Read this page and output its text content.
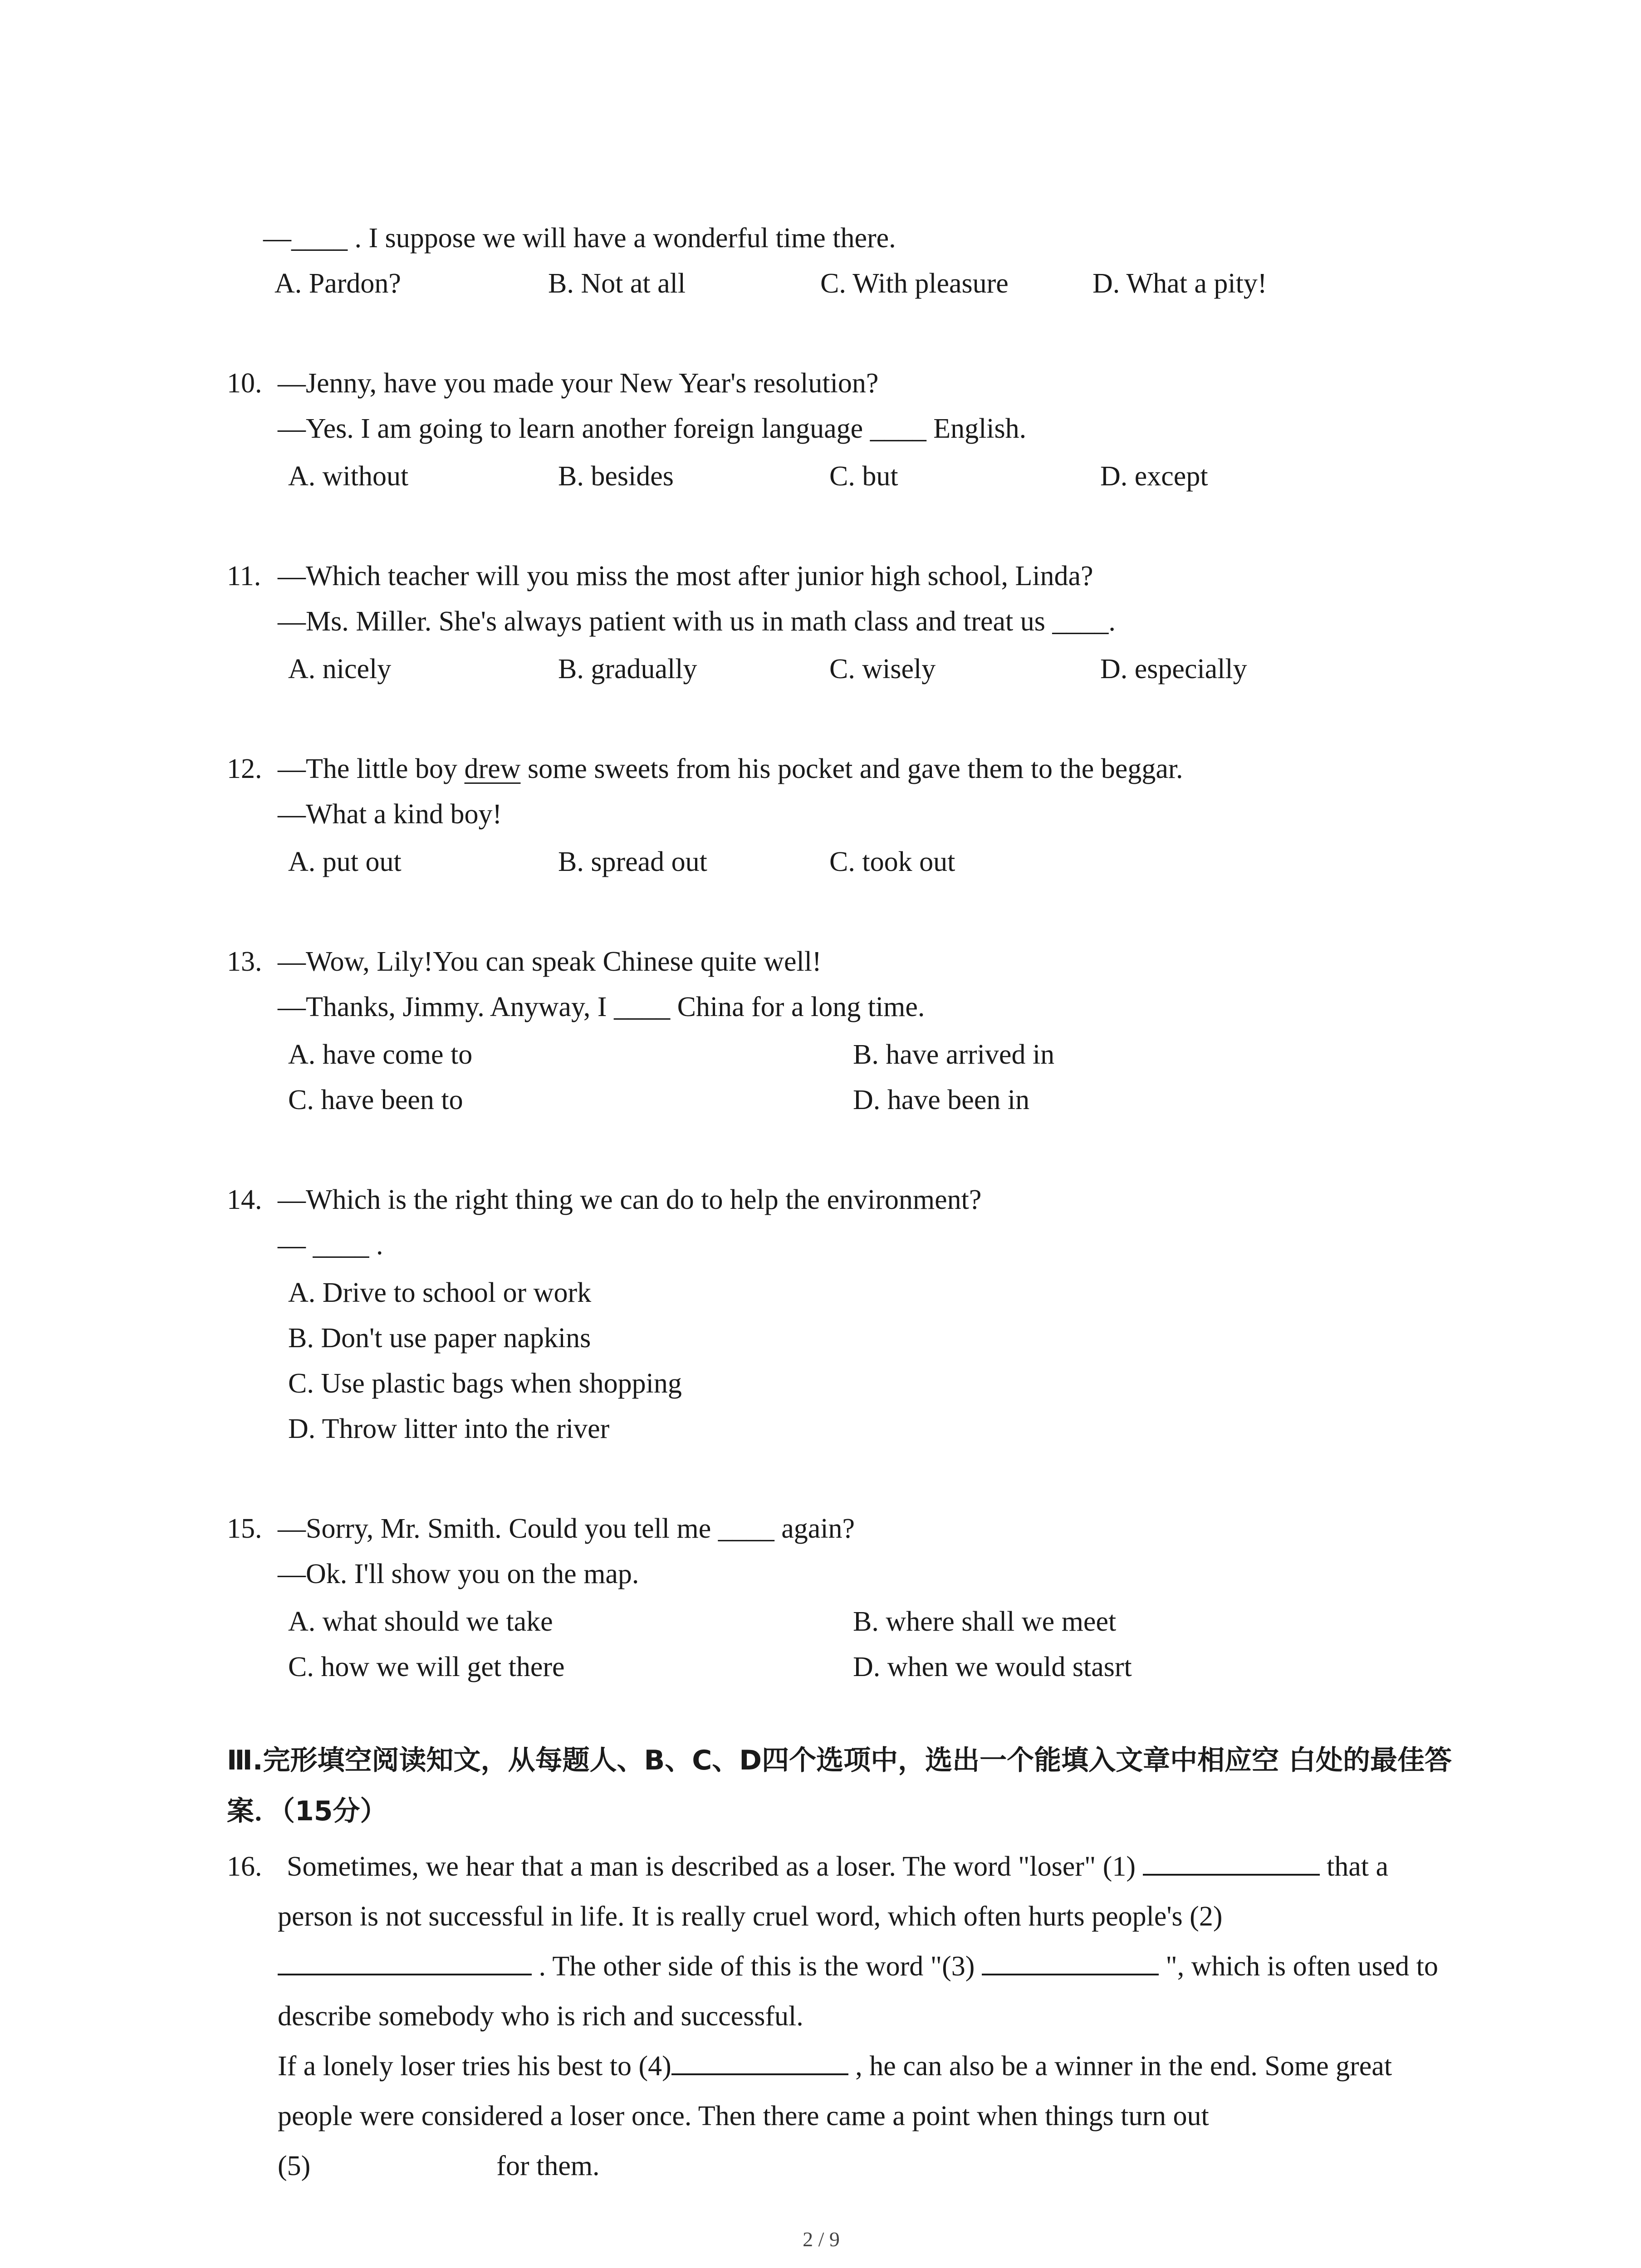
—____ . I suppose we will have a wonderful time there.
A. Pardon?	B. Not at all	C. With pleasure	D. What a pity!
10. —Jenny, have you made your New Year's resolution?
—Yes. I am going to learn another foreign language ____ English.
A. without	B. besides	C. but	D. except
11. —Which teacher will you miss the most after junior high school, Linda?
—Ms. Miller. She's always patient with us in math class and treat us ____.
A. nicely	B. gradually	C. wisely	D. especially
12. —The little boy drew some sweets from his pocket and gave them to the beggar.
—What a kind boy!
A. put out	B. spread out	C. took out
13. —Wow, Lily!You can speak Chinese quite well!
—Thanks, Jimmy. Anyway, I ____ China for a long time.
A. have come to	B. have arrived in
C. have been to	D. have been in
14. —Which is the right thing we can do to help the environment?
— ____ .
A. Drive to school or work
B. Don't use paper napkins
C. Use plastic bags when shopping
D. Throw litter into the river
15. —Sorry, Mr. Smith. Could you tell me ____ again?
—Ok. I'll show you on the map.
A. what should we take	B. where shall we meet
C. how we will get there	D. when we would stasrt
Ⅲ.完形填空阅读知文，从每题人、B、C、D四个选项中，选出一个能填入文章中相应空 白处的最佳答案．（15分）
16. Sometimes, we hear that a man is described as a loser. The word "loser" (1)	that a person is not successful in life. It is really cruel word, which often hurts people's (2)  . The other side of this is the word "(3)	", which is often used to describe somebody who is rich and successful.
If a lonely loser tries his best to (4)	, he can also be a winner in the end. Some great people were considered a loser once. Then there came a point when things turn out
(5)	for them.
2 / 9
